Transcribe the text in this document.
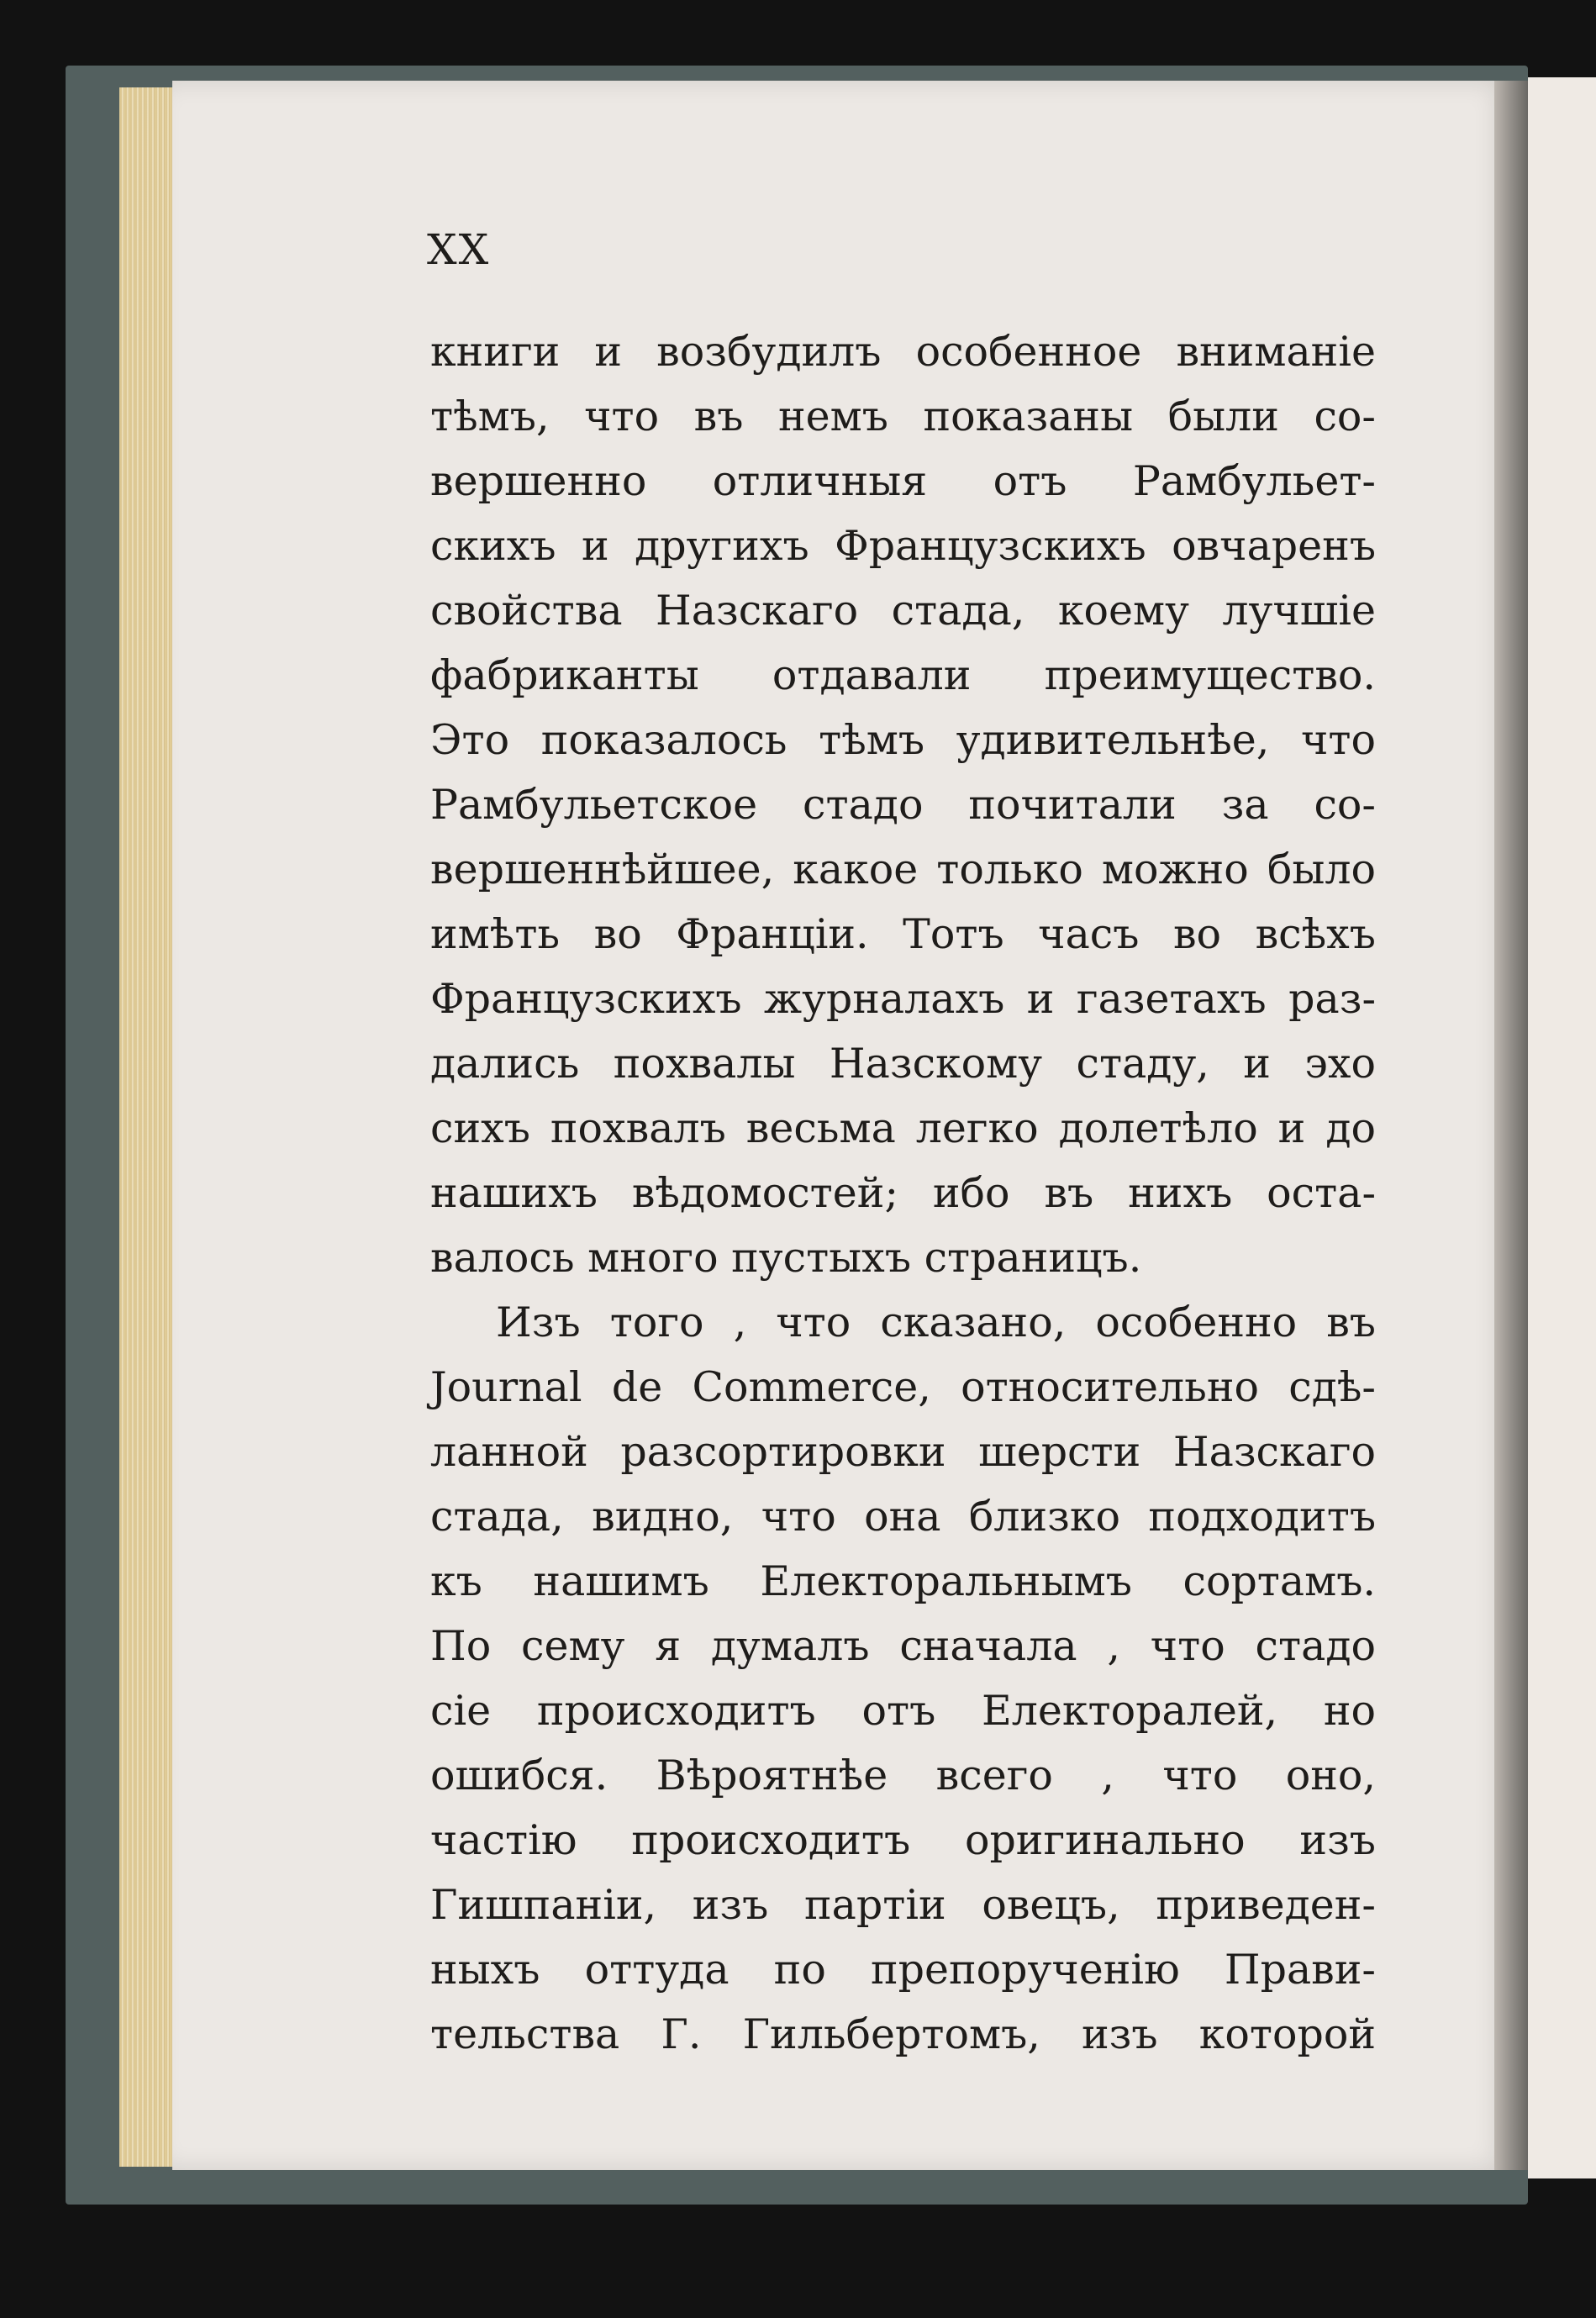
XX
книги и возбудилъ особенное вниманіе
тѣмъ, что въ немъ показаны были со-
вершенно отличныя отъ Рамбульет-
скихъ и другихъ Французскихъ овчаренъ
свойства Назскаго стада, коему лучшіе
фабриканты отдавали преимущество.
Это показалось тѣмъ удивительнѣе, что
Рамбульетское стадо почитали за со-
вершеннѣйшее, какое только можно было
имѣть во Франціи. Тотъ часъ во всѣхъ
Французскихъ журналахъ и газетахъ раз-
дались похвалы Назскому стаду, и эхо
сихъ похвалъ весьма легко долетѣло и до
нашихъ вѣдомостей; ибо въ нихъ оста-
валось много пустыхъ страницъ.
Изъ того , что сказано, особенно въ
Journal de Commerce, относительно сдѣ-
ланной разсортировки шерсти Назскаго
стада, видно, что она близко подходитъ
къ нашимъ Електоральнымъ сортамъ.
По сему я думалъ сначала , что стадо
сіе происходитъ отъ Електоралей, но
ошибся. Вѣроятнѣе всего , что оно,
частію происходитъ оригинально изъ
Гишпаніи, изъ партіи овецъ, приведен-
ныхъ оттуда по препорученію Прави-
тельства Г. Гильбертомъ, изъ которой
